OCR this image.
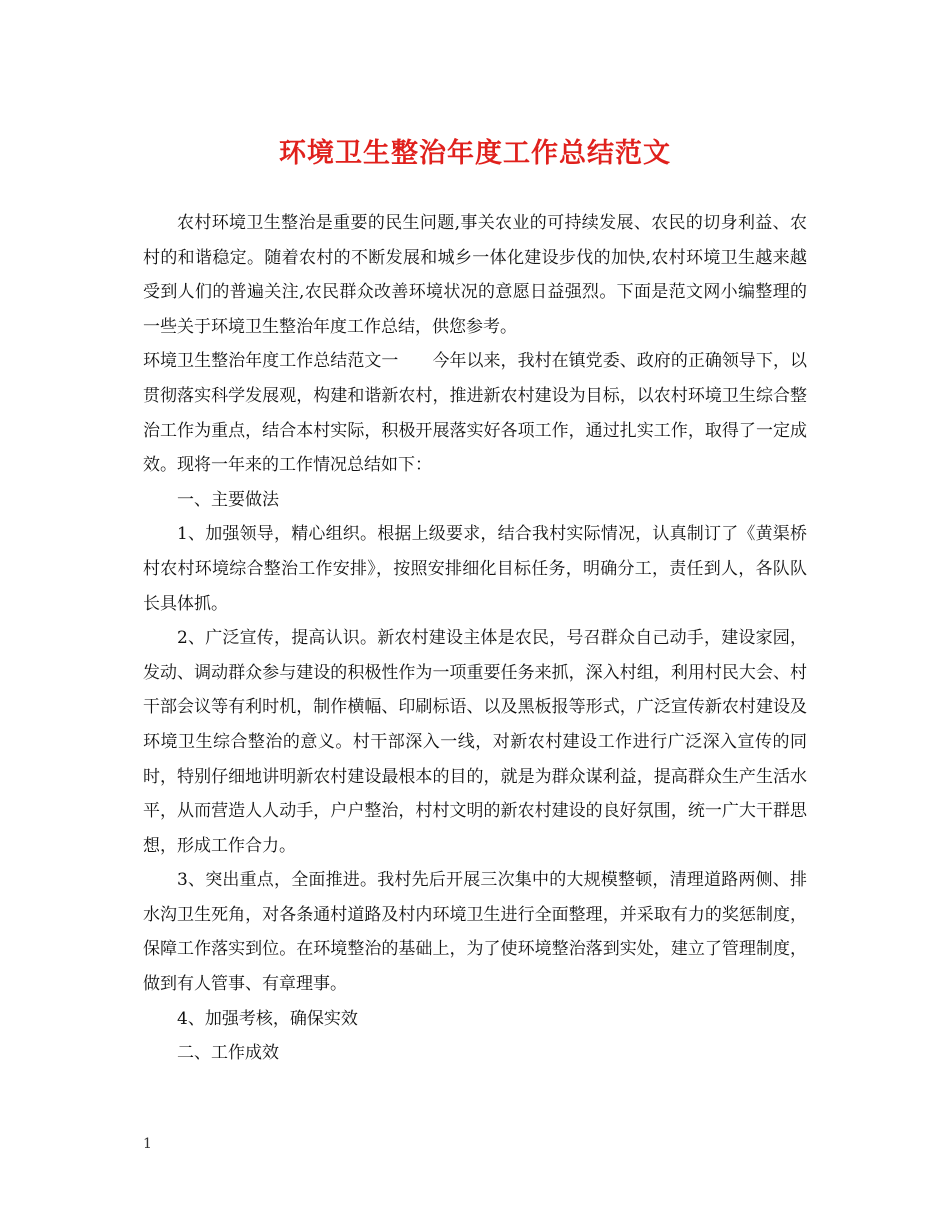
环境卫生整治年度工作总结范文

农村环境卫生整治是重要的民生问题,事关农业的可持续发展、农民的切身利益、农村的和谐稳定。随着农村的不断发展和城乡一体化建设步伐的加快,农村环境卫生越来越受到人们的普遍关注,农民群众改善环境状况的意愿日益强烈。下面是范文网小编整理的一些关于环境卫生整治年度工作总结，供您参考。

环境卫生整治年度工作总结范文一　　今年以来，我村在镇党委、政府的正确领导下，以贯彻落实科学发展观，构建和谐新农村，推进新农村建设为目标，以农村环境卫生综合整治工作为重点，结合本村实际，积极开展落实好各项工作，通过扎实工作，取得了一定成效。现将一年来的工作情况总结如下：

一、主要做法

1、加强领导，精心组织。根据上级要求，结合我村实际情况，认真制订了《黄渠桥村农村环境综合整治工作安排》，按照安排细化目标任务，明确分工，责任到人，各队队长具体抓。

2、广泛宣传，提高认识。新农村建设主体是农民，号召群众自己动手，建设家园，发动、调动群众参与建设的积极性作为一项重要任务来抓，深入村组，利用村民大会、村干部会议等有利时机，制作横幅、印刷标语、以及黑板报等形式，广泛宣传新农村建设及环境卫生综合整治的意义。村干部深入一线，对新农村建设工作进行广泛深入宣传的同时，特别仔细地讲明新农村建设最根本的目的，就是为群众谋利益，提高群众生产生活水平，从而营造人人动手，户户整治，村村文明的新农村建设的良好氛围，统一广大干群思想，形成工作合力。

3、突出重点，全面推进。我村先后开展三次集中的大规模整顿，清理道路两侧、排水沟卫生死角，对各条通村道路及村内环境卫生进行全面整理，并采取有力的奖惩制度，保障工作落实到位。在环境整治的基础上，为了使环境整治落到实处，建立了管理制度，做到有人管事、有章理事。

4、加强考核，确保实效

二、工作成效

1
